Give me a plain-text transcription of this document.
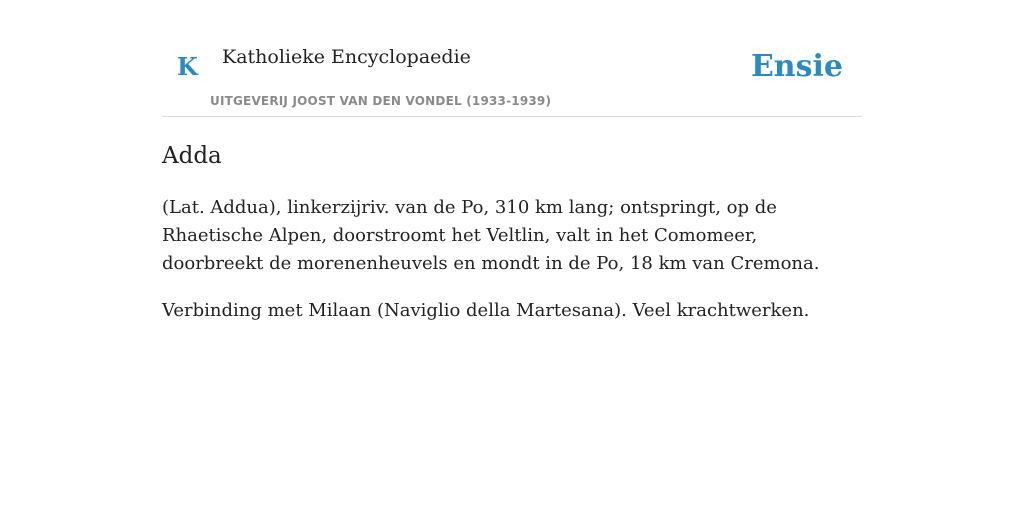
K Katholieke Encyclopaedie
UITGEVERIJ JOOST VAN DEN VONDEL (1933-1939)
Ensie
Adda

(Lat. Addua), linkerzijriv. van de Po, 310 km lang; ontspringt, op de Rhaetische Alpen, doorstroomt het Veltlin, valt in het Comomeer, doorbreekt de morenenheuvels en mondt in de Po, 18 km van Cremona.

Verbinding met Milaan (Naviglio della Martesana). Veel krachtwerken.
